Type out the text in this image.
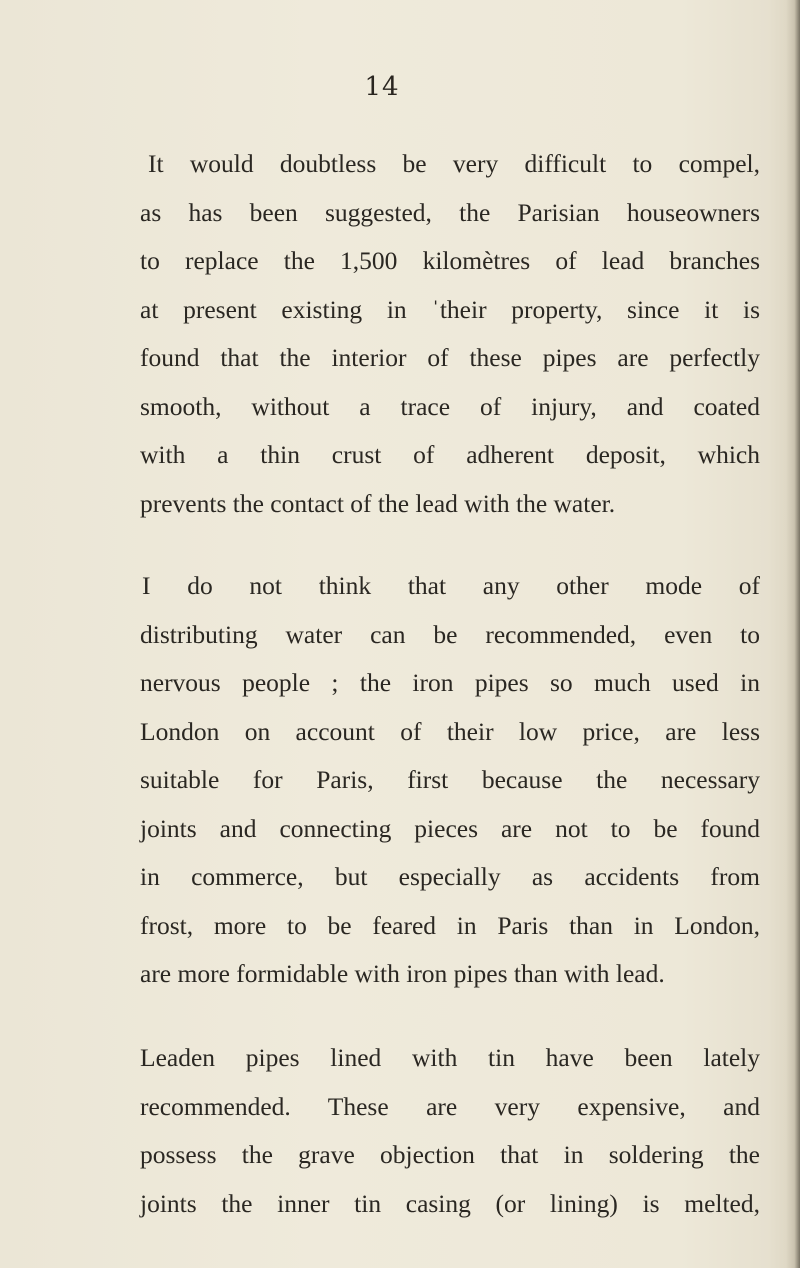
14
It would doubtless be very difficult to compel,
as has been suggested, the Parisian houseowners
to replace the 1,500 kilomètres of lead branches
at present existing in ˈtheir property, since it is
found that the interior of these pipes are perfectly
smooth, without a trace of injury, and coated
with a thin crust of adherent deposit, which
prevents the contact of the lead with the water.
I do not think that any other mode of
distributing water can be recommended, even to
nervous people ; the iron pipes so much used in
London on account of their low price, are less
suitable for Paris, first because the necessary
joints and connecting pieces are not to be found
in commerce, but especially as accidents from
frost, more to be feared in Paris than in London,
are more formidable with iron pipes than with lead.
Leaden pipes lined with tin have been lately
recommended. These are very expensive, and
possess the grave objection that in soldering the
joints the inner tin casing (or lining) is melted,
